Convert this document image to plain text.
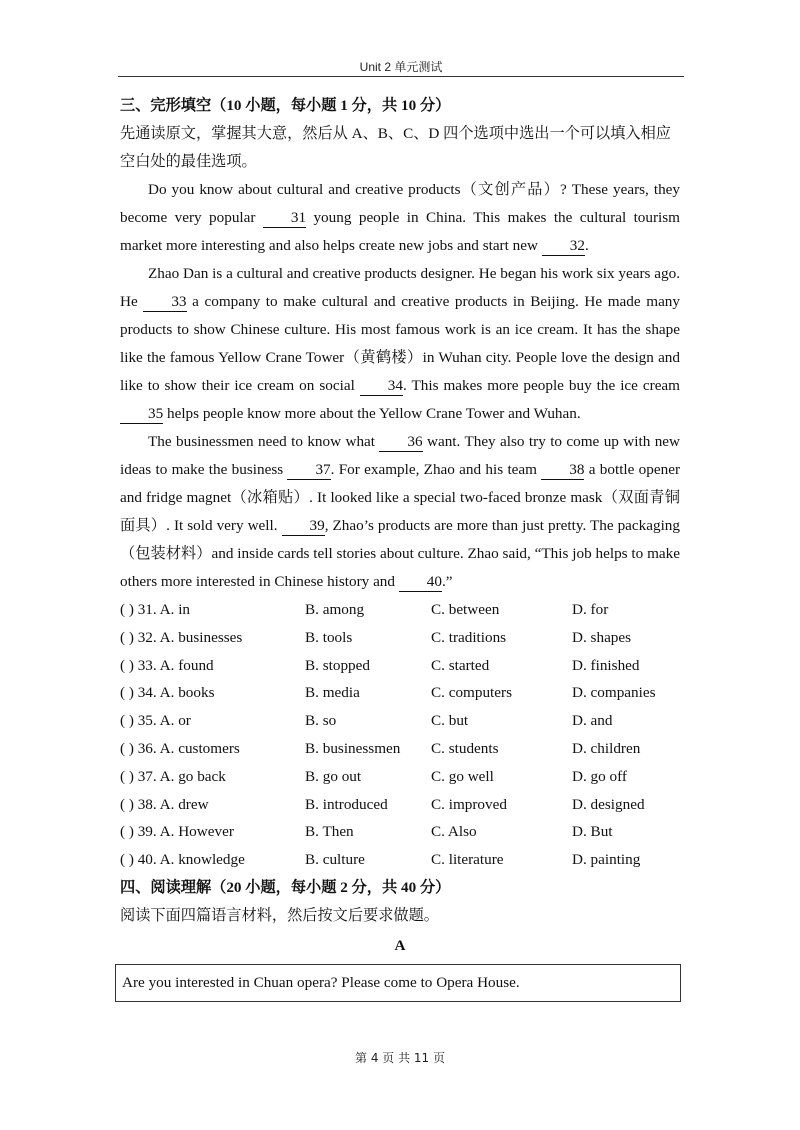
Unit 2 单元测试
三、完形填空（10 小题，每小题 1 分，共 10 分）

先通读原文，掌握其大意，然后从 A、B、C、D 四个选项中选出一个可以填入相应空白处的最佳选项。

Do you know about cultural and creative products（文创产品）? These years, they become very popular 31 young people in China. This makes the cultural tourism market more interesting and also helps create new jobs and start new 32.

Zhao Dan is a cultural and creative products designer. He began his work six years ago. He 33 a company to make cultural and creative products in Beijing. He made many products to show Chinese culture. His most famous work is an ice cream. It has the shape like the famous Yellow Crane Tower（黄鹤楼）in Wuhan city. People love the design and like to show their ice cream on social 34. This makes more people buy the ice cream 35 helps people know more about the Yellow Crane Tower and Wuhan.

The businessmen need to know what 36 want. They also try to come up with new ideas to make the business 37. For example, Zhao and his team 38 a bottle opener and fridge magnet（冰箱贴）. It looked like a special two-faced bronze mask（双面青铜面具）. It sold very well. 39, Zhao’s products are more than just pretty. The packaging（包装材料）and inside cards tell stories about culture. Zhao said, “This job helps to make others more interested in Chinese history and 40.”

( ) 31. A. in	B. among	C. between	D. for
( ) 32. A. businesses	B. tools	C. traditions	D. shapes
( ) 33. A. found	B. stopped	C. started	D. finished
( ) 34. A. books	B. media	C. computers	D. companies
( ) 35. A. or	B. so	C. but	D. and
( ) 36. A. customers	B. businessmen	C. students	D. children
( ) 37. A. go back	B. go out	C. go well	D. go off
( ) 38. A. drew	B. introduced	C. improved	D. designed
( ) 39. A. However	B. Then	C. Also	D. But
( ) 40. A. knowledge	B. culture	C. literature	D. painting
四、阅读理解（20 小题，每小题 2 分，共 40 分）

阅读下面四篇语言材料，然后按文后要求做题。

A
Are you interested in Chuan opera? Please come to Opera House.
第 4 页 共 11 页
